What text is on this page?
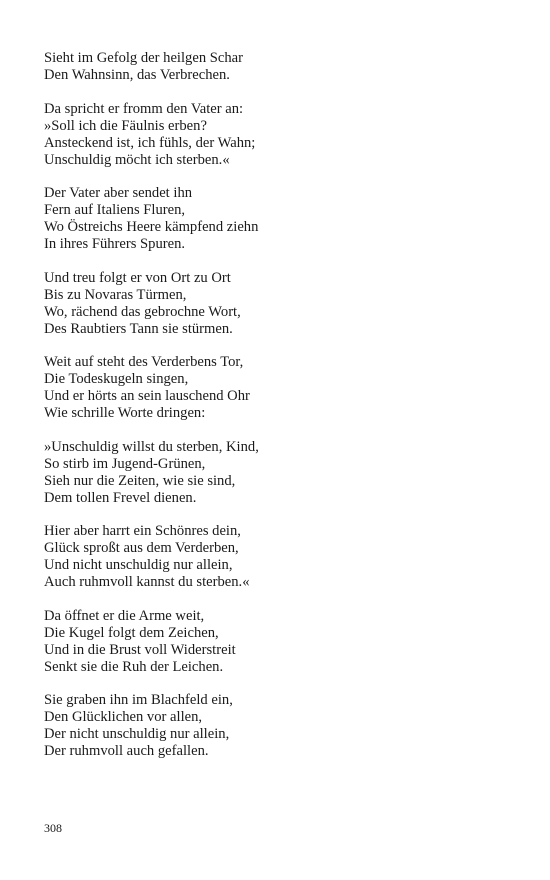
Sieht im Gefolg der heilgen Schar
Den Wahnsinn, das Verbrechen.
Da spricht er fromm den Vater an:
»Soll ich die Fäulnis erben?
Ansteckend ist, ich fühls, der Wahn;
Unschuldig möcht ich sterben.«
Der Vater aber sendet ihn
Fern auf Italiens Fluren,
Wo Östreichs Heere kämpfend ziehn
In ihres Führers Spuren.
Und treu folgt er von Ort zu Ort
Bis zu Novaras Türmen,
Wo, rächend das gebrochne Wort,
Des Raubtiers Tann sie stürmen.
Weit auf steht des Verderbens Tor,
Die Todeskugeln singen,
Und er hörts an sein lauschend Ohr
Wie schrille Worte dringen:
»Unschuldig willst du sterben, Kind,
So stirb im Jugend-Grünen,
Sieh nur die Zeiten, wie sie sind,
Dem tollen Frevel dienen.
Hier aber harrt ein Schönres dein,
Glück sproßt aus dem Verderben,
Und nicht unschuldig nur allein,
Auch ruhmvoll kannst du sterben.«
Da öffnet er die Arme weit,
Die Kugel folgt dem Zeichen,
Und in die Brust voll Widerstreit
Senkt sie die Ruh der Leichen.
Sie graben ihn im Blachfeld ein,
Den Glücklichen vor allen,
Der nicht unschuldig nur allein,
Der ruhmvoll auch gefallen.
308
